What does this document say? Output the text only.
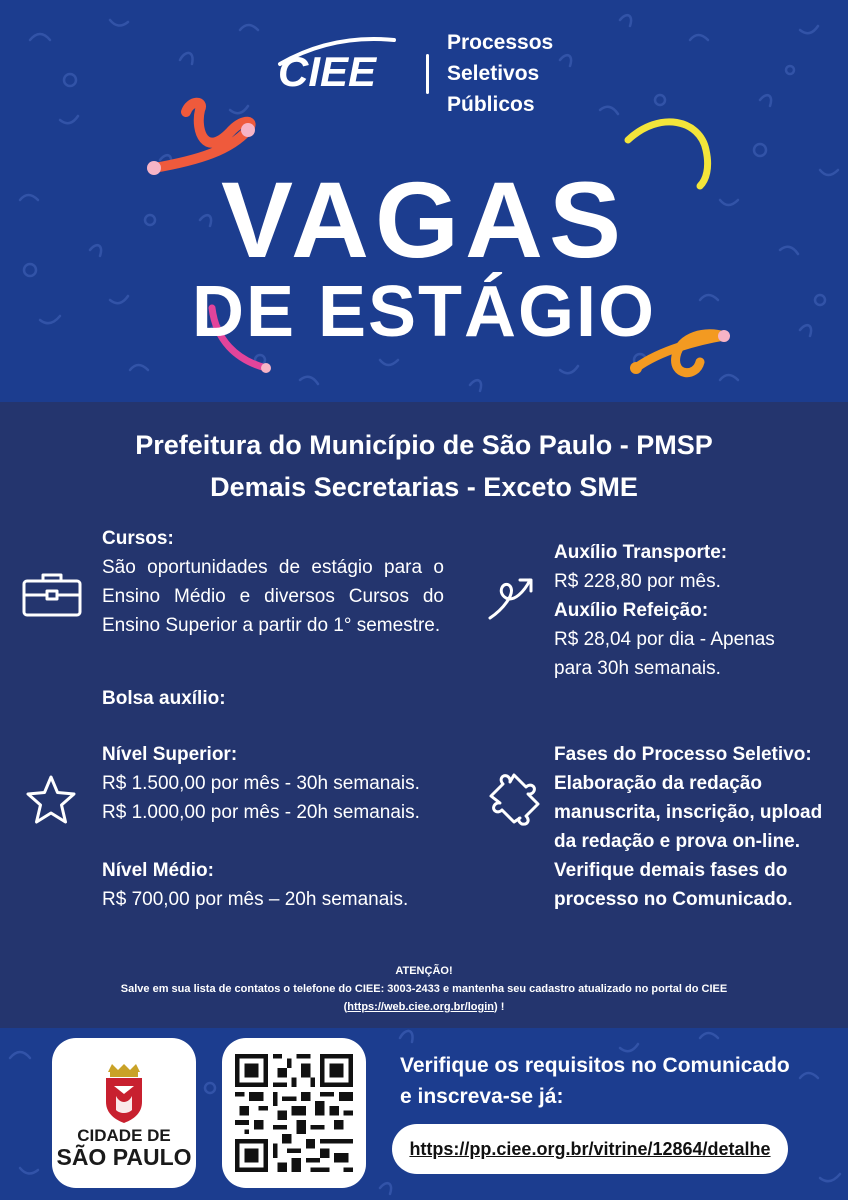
CIEE
Processos
Seletivos
Públicos
VAGAS
DE ESTÁGIO
Prefeitura do Município de São Paulo - PMSP
Demais Secretarias - Exceto SME
Cursos:
São oportunidades de estágio para o Ensino Médio e diversos Cursos do Ensino Superior a partir do 1° semestre.
Bolsa auxílio:
Nível Superior:
R$ 1.500,00 por mês - 30h semanais.
R$ 1.000,00 por mês - 20h semanais.
Nível Médio:
R$ 700,00 por mês – 20h semanais.
Auxílio Transporte:
R$ 228,80 por mês.
Auxílio Refeição:
R$ 28,04 por dia - Apenas para 30h semanais.
Fases do Processo Seletivo:
Elaboração da redação manuscrita, inscrição, upload da redação e prova on-line. Verifique demais fases do processo no Comunicado.
ATENÇÃO!
Salve em sua lista de contatos o telefone do CIEE: 3003-2433 e mantenha seu cadastro atualizado no portal do CIEE
(https://web.ciee.org.br/login) !
CIDADE DE
SÃO PAULO
Verifique os requisitos no Comunicado
e inscreva-se já:
https://pp.ciee.org.br/vitrine/12864/detalhe
